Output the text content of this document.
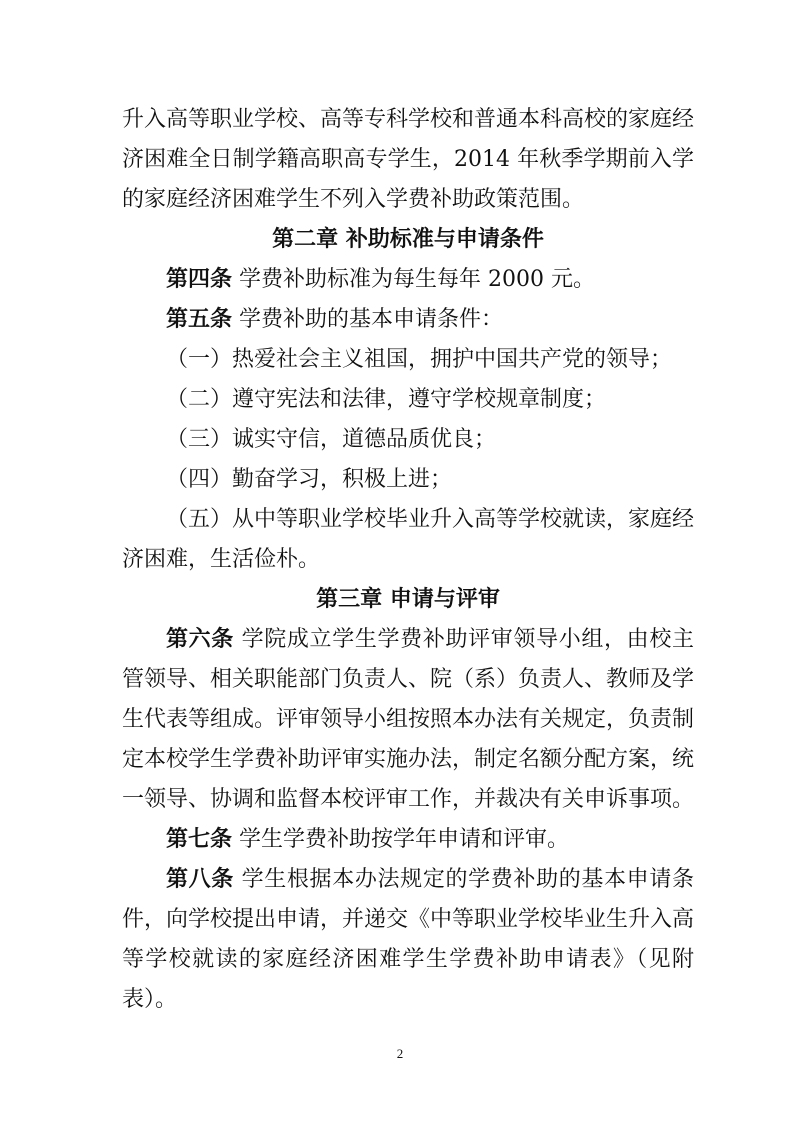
升入高等职业学校、高等专科学校和普通本科高校的家庭经济困难全日制学籍高职高专学生，2014 年秋季学期前入学的家庭经济困难学生不列入学费补助政策范围。

第二章 补助标准与申请条件

第四条 学费补助标准为每生每年 2000 元。

第五条 学费补助的基本申请条件：

（一）热爱社会主义祖国，拥护中国共产党的领导；

（二）遵守宪法和法律，遵守学校规章制度；

（三）诚实守信，道德品质优良；

（四）勤奋学习，积极上进；

（五）从中等职业学校毕业升入高等学校就读，家庭经济困难，生活俭朴。

第三章 申请与评审

第六条 学院成立学生学费补助评审领导小组，由校主管领导、相关职能部门负责人、院（系）负责人、教师及学生代表等组成。评审领导小组按照本办法有关规定，负责制定本校学生学费补助评审实施办法，制定名额分配方案，统一领导、协调和监督本校评审工作，并裁决有关申诉事项。

第七条 学生学费补助按学年申请和评审。

第八条 学生根据本办法规定的学费补助的基本申请条件，向学校提出申请，并递交《中等职业学校毕业生升入高等学校就读的家庭经济困难学生学费补助申请表》（见附表）。

2
